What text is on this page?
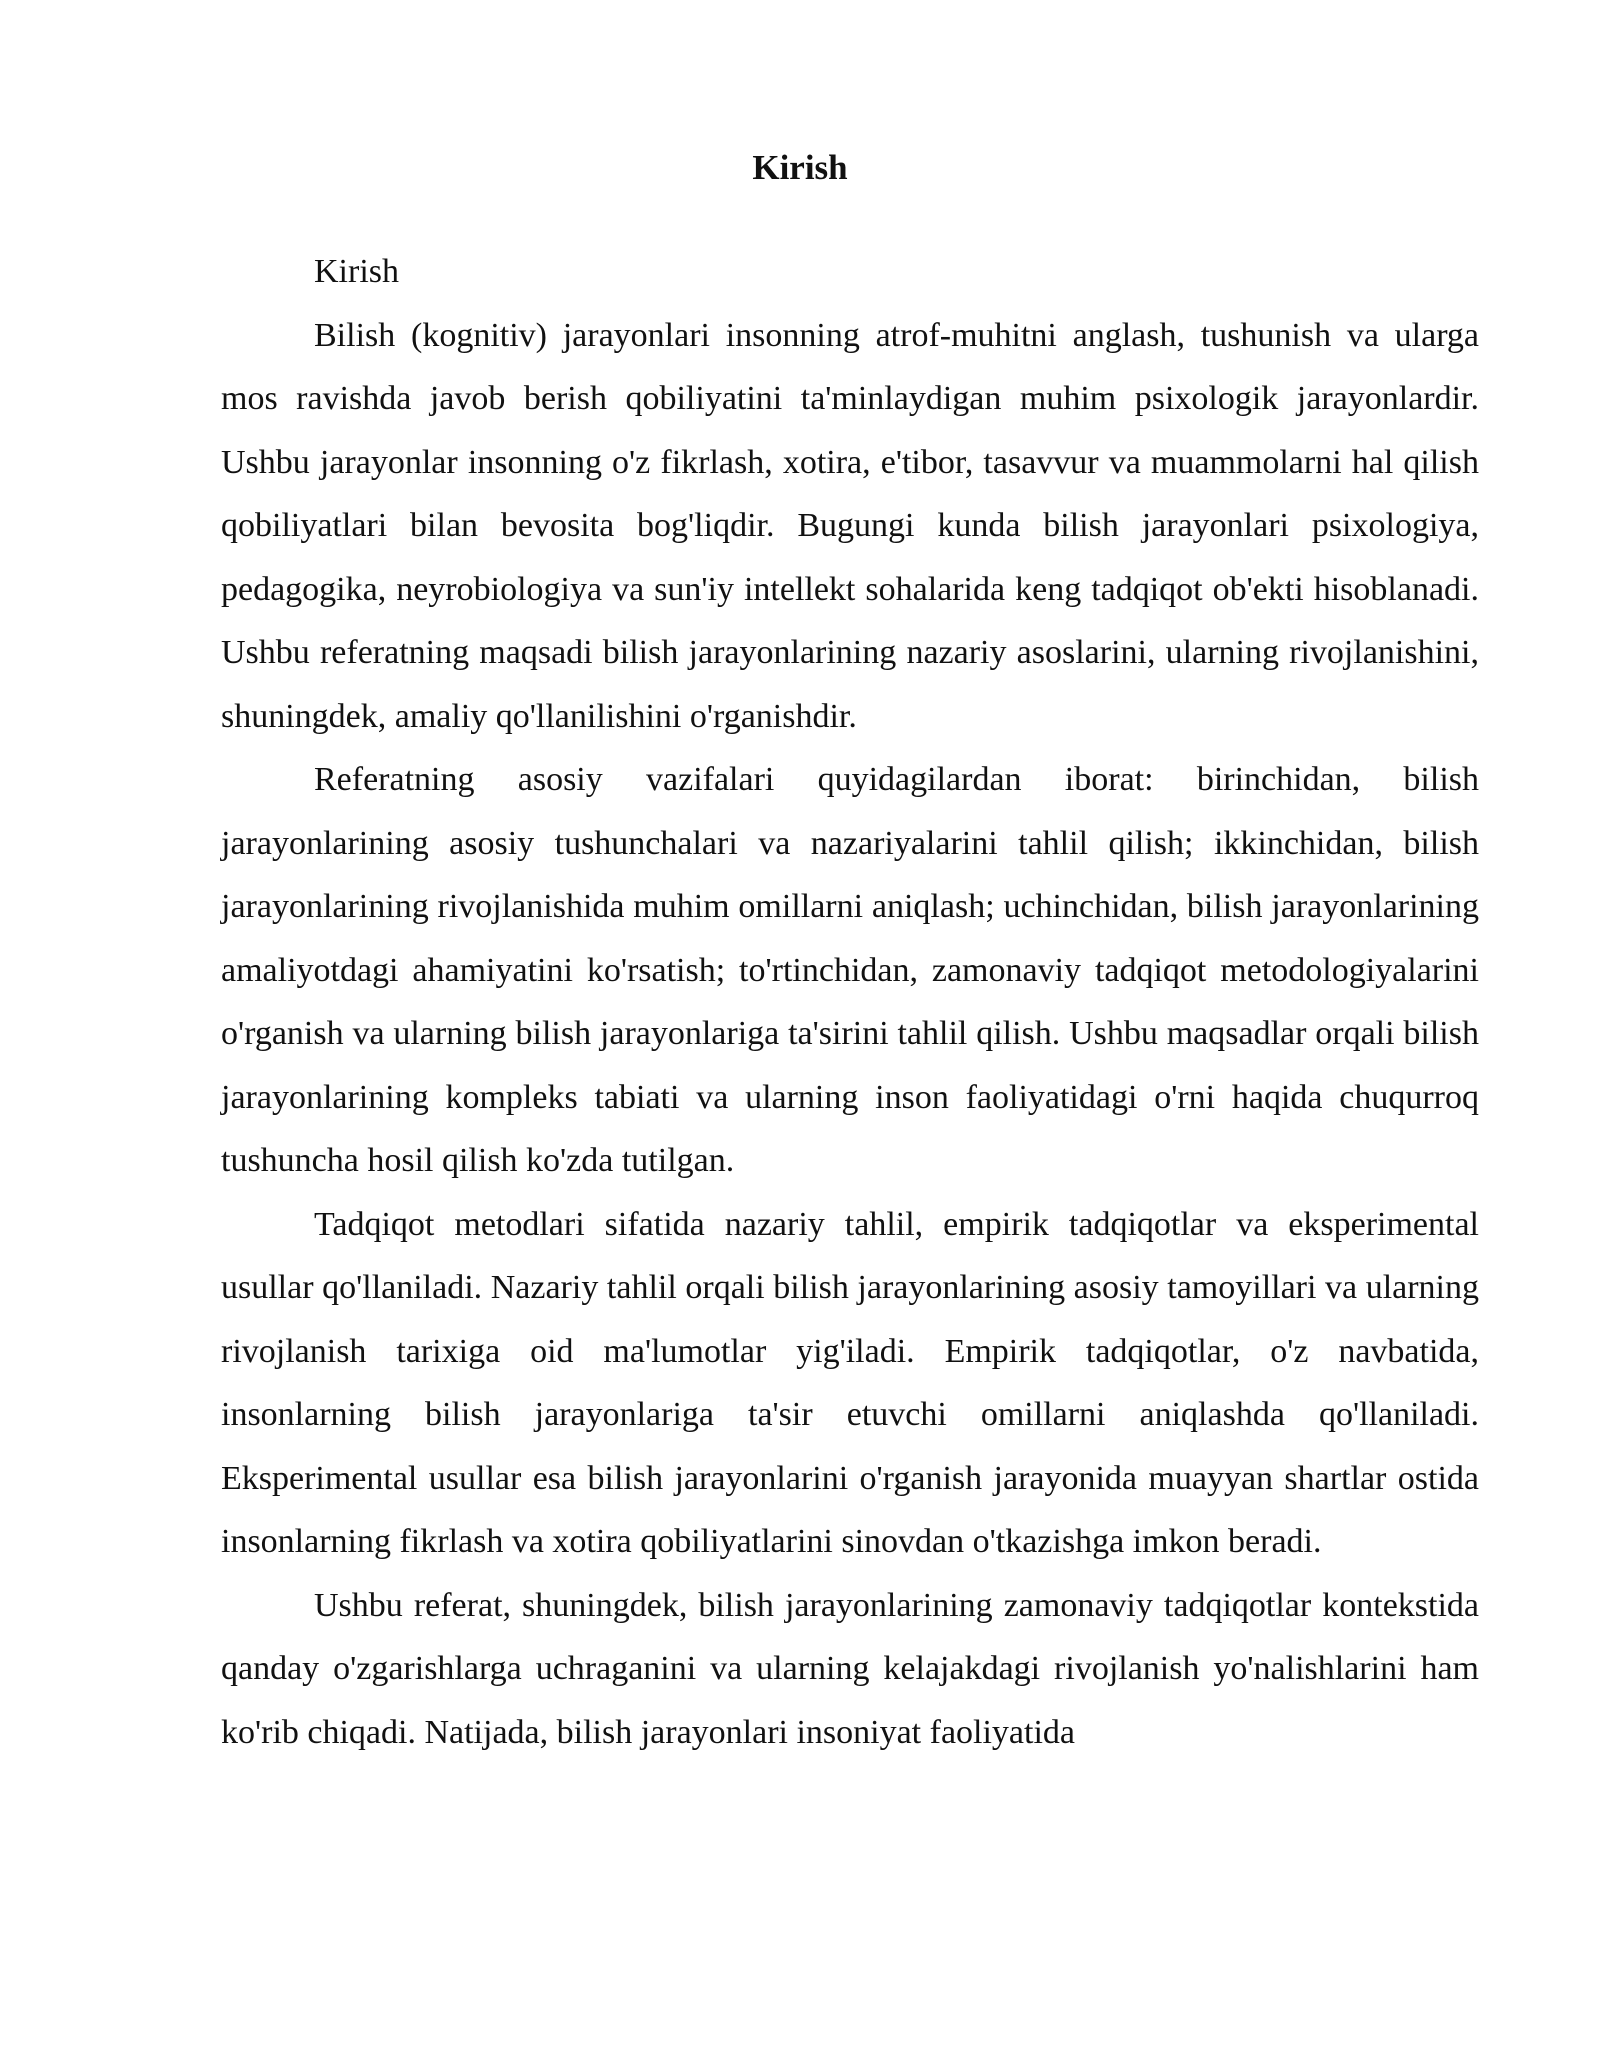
Kirish

Kirish

Bilish (kognitiv) jarayonlari insonning atrof-muhitni anglash, tushunish va ularga mos ravishda javob berish qobiliyatini ta'minlaydigan muhim psixologik jarayonlardir. Ushbu jarayonlar insonning o'z fikrlash, xotira, e'tibor, tasavvur va muammolarni hal qilish qobiliyatlari bilan bevosita bog'liqdir. Bugungi kunda bilish jarayonlari psixologiya, pedagogika, neyrobiologiya va sun'iy intellekt sohalarida keng tadqiqot ob'ekti hisoblanadi. Ushbu referatning maqsadi bilish jarayonlarining nazariy asoslarini, ularning rivojlanishini, shuningdek, amaliy qo'llanilishini o'rganishdir.

Referatning asosiy vazifalari quyidagilardan iborat: birinchidan, bilish jarayonlarining asosiy tushunchalari va nazariyalarini tahlil qilish; ikkinchidan, bilish jarayonlarining rivojlanishida muhim omillarni aniqlash; uchinchidan, bilish jarayonlarining amaliyotdagi ahamiyatini ko'rsatish; to'rtinchidan, zamonaviy tadqiqot metodologiyalarini o'rganish va ularning bilish jarayonlariga ta'sirini tahlil qilish. Ushbu maqsadlar orqali bilish jarayonlarining kompleks tabiati va ularning inson faoliyatidagi o'rni haqida chuqurroq tushuncha hosil qilish ko'zda tutilgan.

Tadqiqot metodlari sifatida nazariy tahlil, empirik tadqiqotlar va eksperimental usullar qo'llaniladi. Nazariy tahlil orqali bilish jarayonlarining asosiy tamoyillari va ularning rivojlanish tarixiga oid ma'lumotlar yig'iladi. Empirik tadqiqotlar, o'z navbatida, insonlarning bilish jarayonlariga ta'sir etuvchi omillarni aniqlashda qo'llaniladi. Eksperimental usullar esa bilish jarayonlarini o'rganish jarayonida muayyan shartlar ostida insonlarning fikrlash va xotira qobiliyatlarini sinovdan o'tkazishga imkon beradi.

Ushbu referat, shuningdek, bilish jarayonlarining zamonaviy tadqiqotlar kontekstida qanday o'zgarishlarga uchraganini va ularning kelajakdagi rivojlanish yo'nalishlarini ham ko'rib chiqadi. Natijada, bilish jarayonlari insoniyat faoliyatida
